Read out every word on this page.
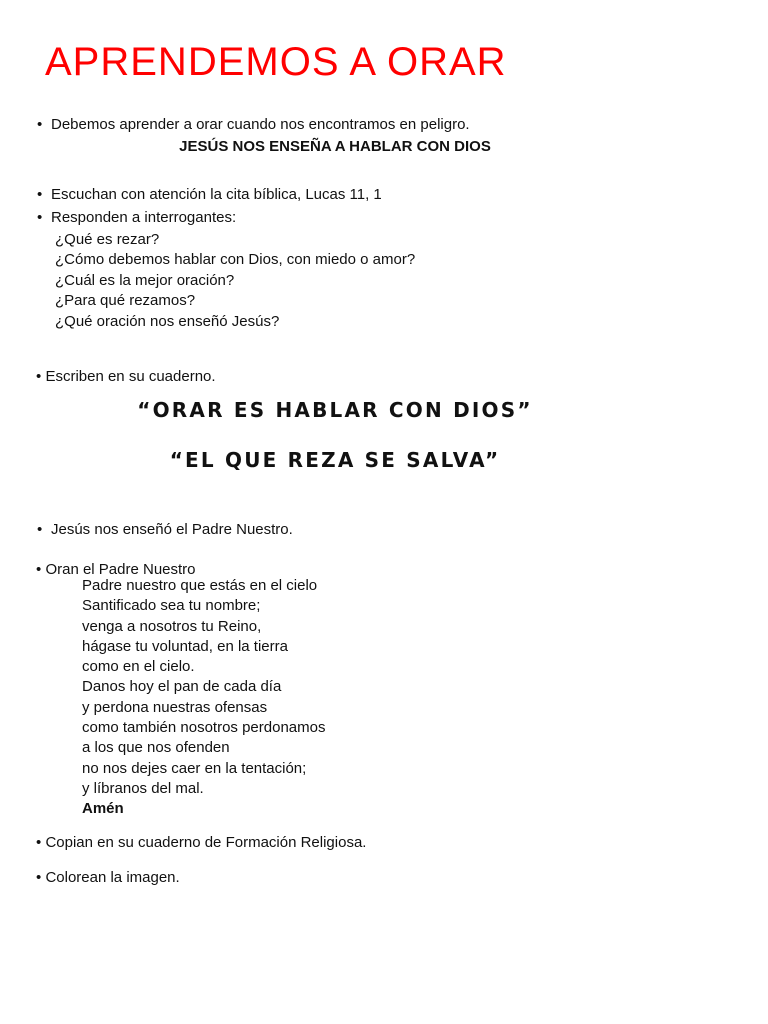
APRENDEMOS A ORAR
• Debemos aprender a orar cuando nos encontramos en peligro.
JESÚS NOS ENSEÑA A HABLAR CON DIOS
• Escuchan con atención la cita bíblica, Lucas 11, 1
• Responden a interrogantes:
¿Qué es rezar?
¿Cómo debemos hablar con Dios, con miedo o amor?
¿Cuál es la mejor oración?
¿Para qué rezamos?
¿Qué oración nos enseñó Jesús?
• Escriben en su cuaderno.
“ORAR ES HABLAR CON DIOS”
“EL QUE REZA SE SALVA”
• Jesús nos enseñó el Padre Nuestro.
• Oran el Padre Nuestro
Padre nuestro que estás en el cielo
Santificado sea tu nombre;
venga a nosotros tu Reino,
hágase tu voluntad, en la tierra
como en el cielo.
Danos hoy el pan de cada día
y perdona nuestras ofensas
como también nosotros perdonamos
a los que nos ofenden
no nos dejes caer en la tentación;
y líbranos del mal.
Amén
• Copian en su cuaderno de Formación Religiosa.
• Colorean la imagen.
